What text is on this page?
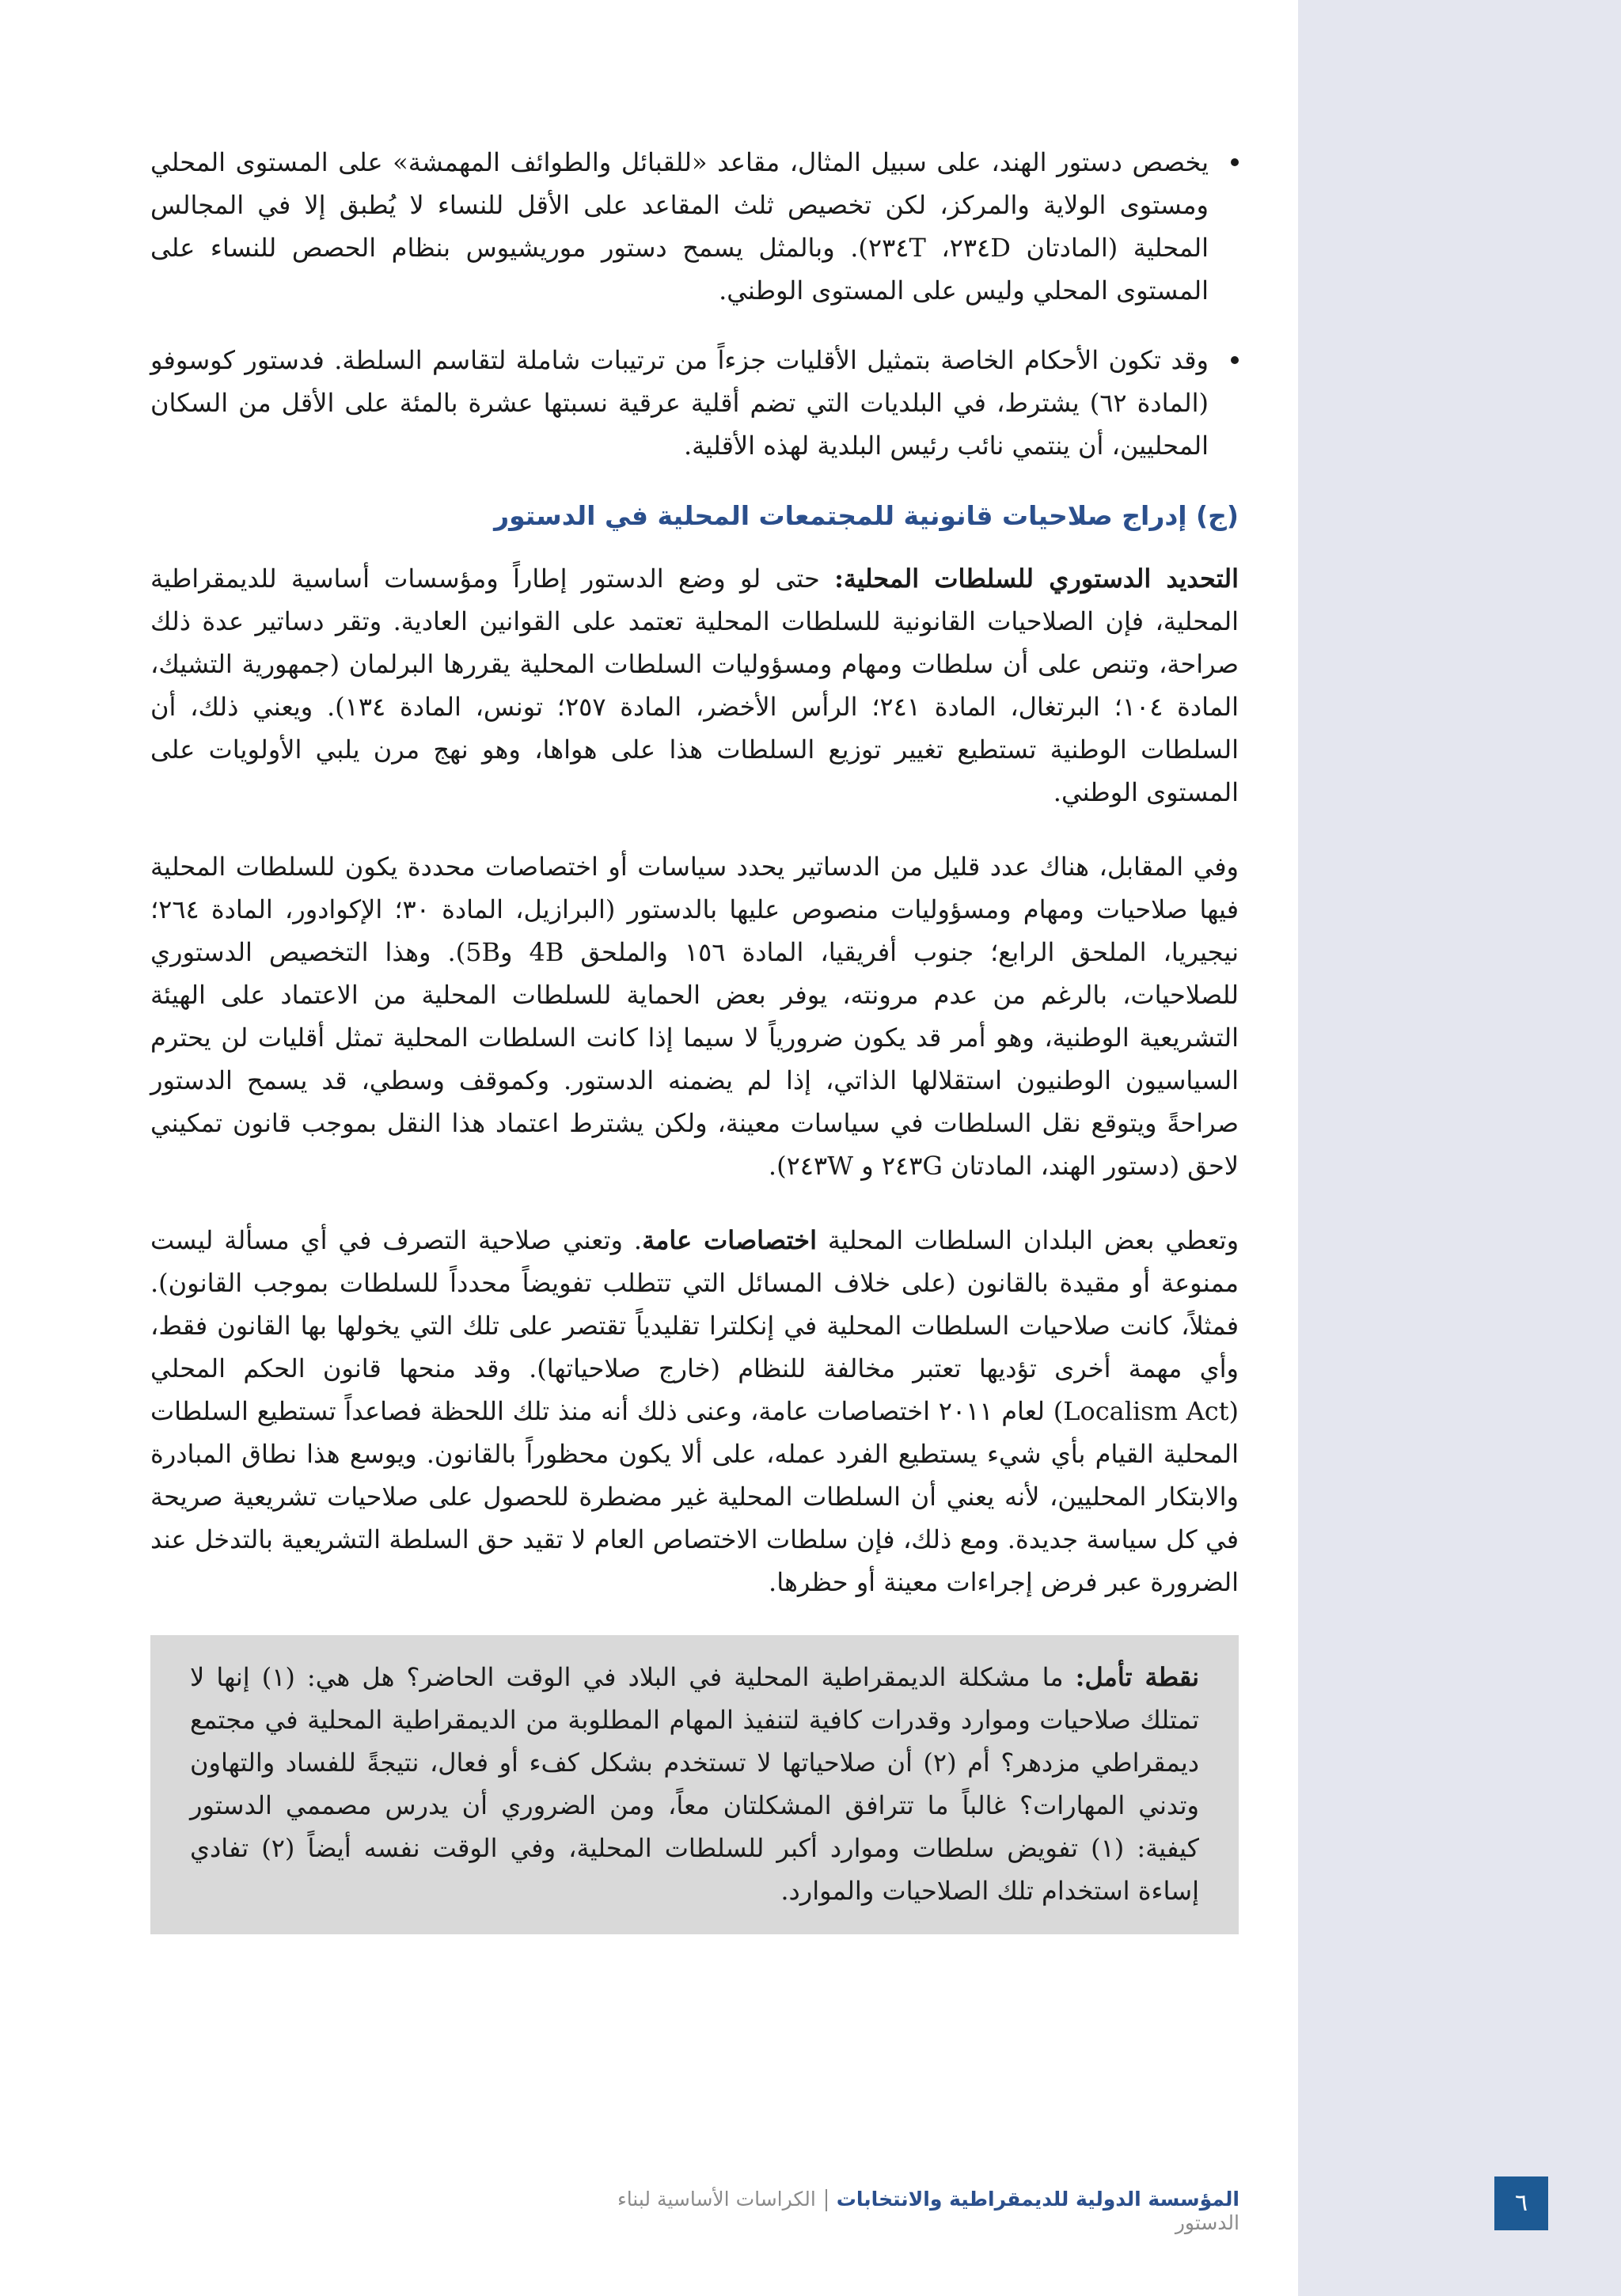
يخصص دستور الهند، على سبيل المثال، مقاعد «للقبائل والطوائف المهمشة» على المستوى المحلي ومستوى الولاية والمركز، لكن تخصيص ثلث المقاعد على الأقل للنساء لا يُطبق إلا في المجالس المحلية (المادتان ٢٣٤D، ٢٣٤T). وبالمثل يسمح دستور موريشيوس بنظام الحصص للنساء على المستوى المحلي وليس على المستوى الوطني.
وقد تكون الأحكام الخاصة بتمثيل الأقليات جزءاً من ترتيبات شاملة لتقاسم السلطة. فدستور كوسوفو (المادة ٦٢) يشترط، في البلديات التي تضم أقلية عرقية نسبتها عشرة بالمئة على الأقل من السكان المحليين، أن ينتمي نائب رئيس البلدية لهذه الأقلية.
(ج) إدراج صلاحيات قانونية للمجتمعات المحلية في الدستور

التحديد الدستوري للسلطات المحلية: حتى لو وضع الدستور إطاراً ومؤسسات أساسية للديمقراطية المحلية، فإن الصلاحيات القانونية للسلطات المحلية تعتمد على القوانين العادية. وتقر دساتير عدة ذلك صراحة، وتنص على أن سلطات ومهام ومسؤوليات السلطات المحلية يقررها البرلمان (جمهورية التشيك، المادة ١٠٤؛ البرتغال، المادة ٢٤١؛ الرأس الأخضر، المادة ٢٥٧؛ تونس، المادة ١٣٤). ويعني ذلك، أن السلطات الوطنية تستطيع تغيير توزيع السلطات هذا على هواها، وهو نهج مرن يلبي الأولويات على المستوى الوطني.

وفي المقابل، هناك عدد قليل من الدساتير يحدد سياسات أو اختصاصات محددة يكون للسلطات المحلية فيها صلاحيات ومهام ومسؤوليات منصوص عليها بالدستور (البرازيل، المادة ٣٠؛ الإكوادور، المادة ٢٦٤؛ نيجيريا، الملحق الرابع؛ جنوب أفريقيا، المادة ١٥٦ والملحق 4B و5B). وهذا التخصيص الدستوري للصلاحيات، بالرغم من عدم مرونته، يوفر بعض الحماية للسلطات المحلية من الاعتماد على الهيئة التشريعية الوطنية، وهو أمر قد يكون ضرورياً لا سيما إذا كانت السلطات المحلية تمثل أقليات لن يحترم السياسيون الوطنيون استقلالها الذاتي، إذا لم يضمنه الدستور. وكموقف وسطي، قد يسمح الدستور صراحةً ويتوقع نقل السلطات في سياسات معينة، ولكن يشترط اعتماد هذا النقل بموجب قانون تمكيني لاحق (دستور الهند، المادتان ٢٤٣G و ٢٤٣W).

وتعطي بعض البلدان السلطات المحلية اختصاصات عامة. وتعني صلاحية التصرف في أي مسألة ليست ممنوعة أو مقيدة بالقانون (على خلاف المسائل التي تتطلب تفويضاً محدداً للسلطات بموجب القانون). فمثلاً، كانت صلاحيات السلطات المحلية في إنكلترا تقليدياً تقتصر على تلك التي يخولها بها القانون فقط، وأي مهمة أخرى تؤديها تعتبر مخالفة للنظام (خارج صلاحياتها). وقد منحها قانون الحكم المحلي (Localism Act) لعام ٢٠١١ اختصاصات عامة، وعنى ذلك أنه منذ تلك اللحظة فصاعداً تستطيع السلطات المحلية القيام بأي شيء يستطيع الفرد عمله، على ألا يكون محظوراً بالقانون. ويوسع هذا نطاق المبادرة والابتكار المحليين، لأنه يعني أن السلطات المحلية غير مضطرة للحصول على صلاحيات تشريعية صريحة في كل سياسة جديدة. ومع ذلك، فإن سلطات الاختصاص العام لا تقيد حق السلطة التشريعية بالتدخل عند الضرورة عبر فرض إجراءات معينة أو حظرها.

نقطة تأمل: ما مشكلة الديمقراطية المحلية في البلاد في الوقت الحاضر؟ هل هي: (١) إنها لا تمتلك صلاحيات وموارد وقدرات كافية لتنفيذ المهام المطلوبة من الديمقراطية المحلية في مجتمع ديمقراطي مزدهر؟ أم (٢) أن صلاحياتها لا تستخدم بشكل كفء أو فعال، نتيجةً للفساد والتهاون وتدني المهارات؟ غالباً ما تترافق المشكلتان معاً، ومن الضروري أن يدرس مصممي الدستور كيفية: (١) تفويض سلطات وموارد أكبر للسلطات المحلية، وفي الوقت نفسه أيضاً (٢) تفادي إساءة استخدام تلك الصلاحيات والموارد.
المؤسسة الدولية للديمقراطية والانتخاباتالكراسات الأساسية لبناء الدستور
٦
